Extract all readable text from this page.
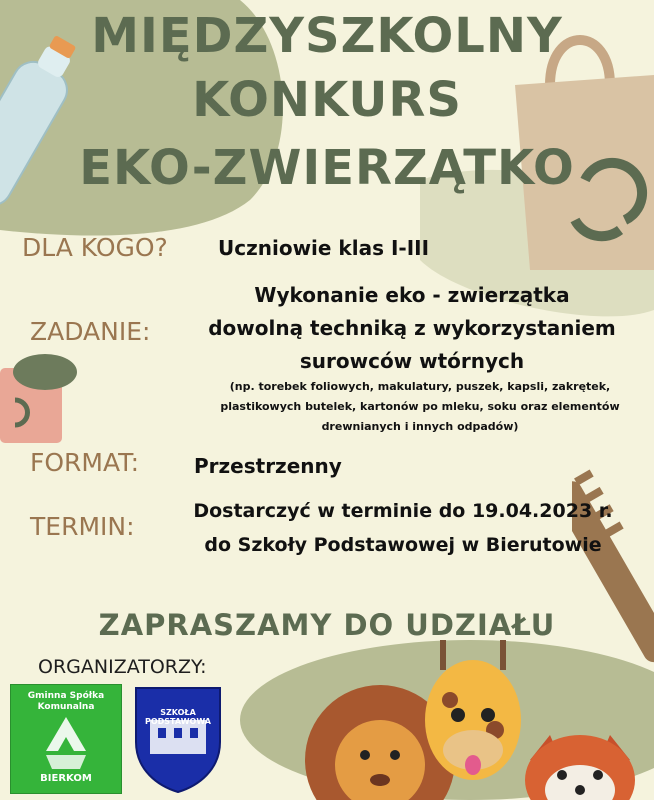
MIĘDZYSZKOLNY
KONKURS
EKO-ZWIERZĄTKO
DLA KOGO?	Uczniowie klas I-III
ZADANIE:
Wykonanie eko - zwierzątka
dowolną techniką z wykorzystaniem
surowców wtórnych
(np. torebek foliowych, makulatury, puszek, kapsli, zakrętek,
plastikowych butelek, kartonów po mleku, soku oraz elementów
drewnianych i innych odpadów)
FORMAT:	Przestrzenny
TERMIN:
Dostarczyć w terminie do 19.04.2023 r.
do Szkoły Podstawowej w Bierutowie
ZAPRASZAMY DO UDZIAŁU
ORGANIZATORZY:
Gminna Spółka Komunalna
BIERKOM
SZKOŁA PODSTAWOWA
